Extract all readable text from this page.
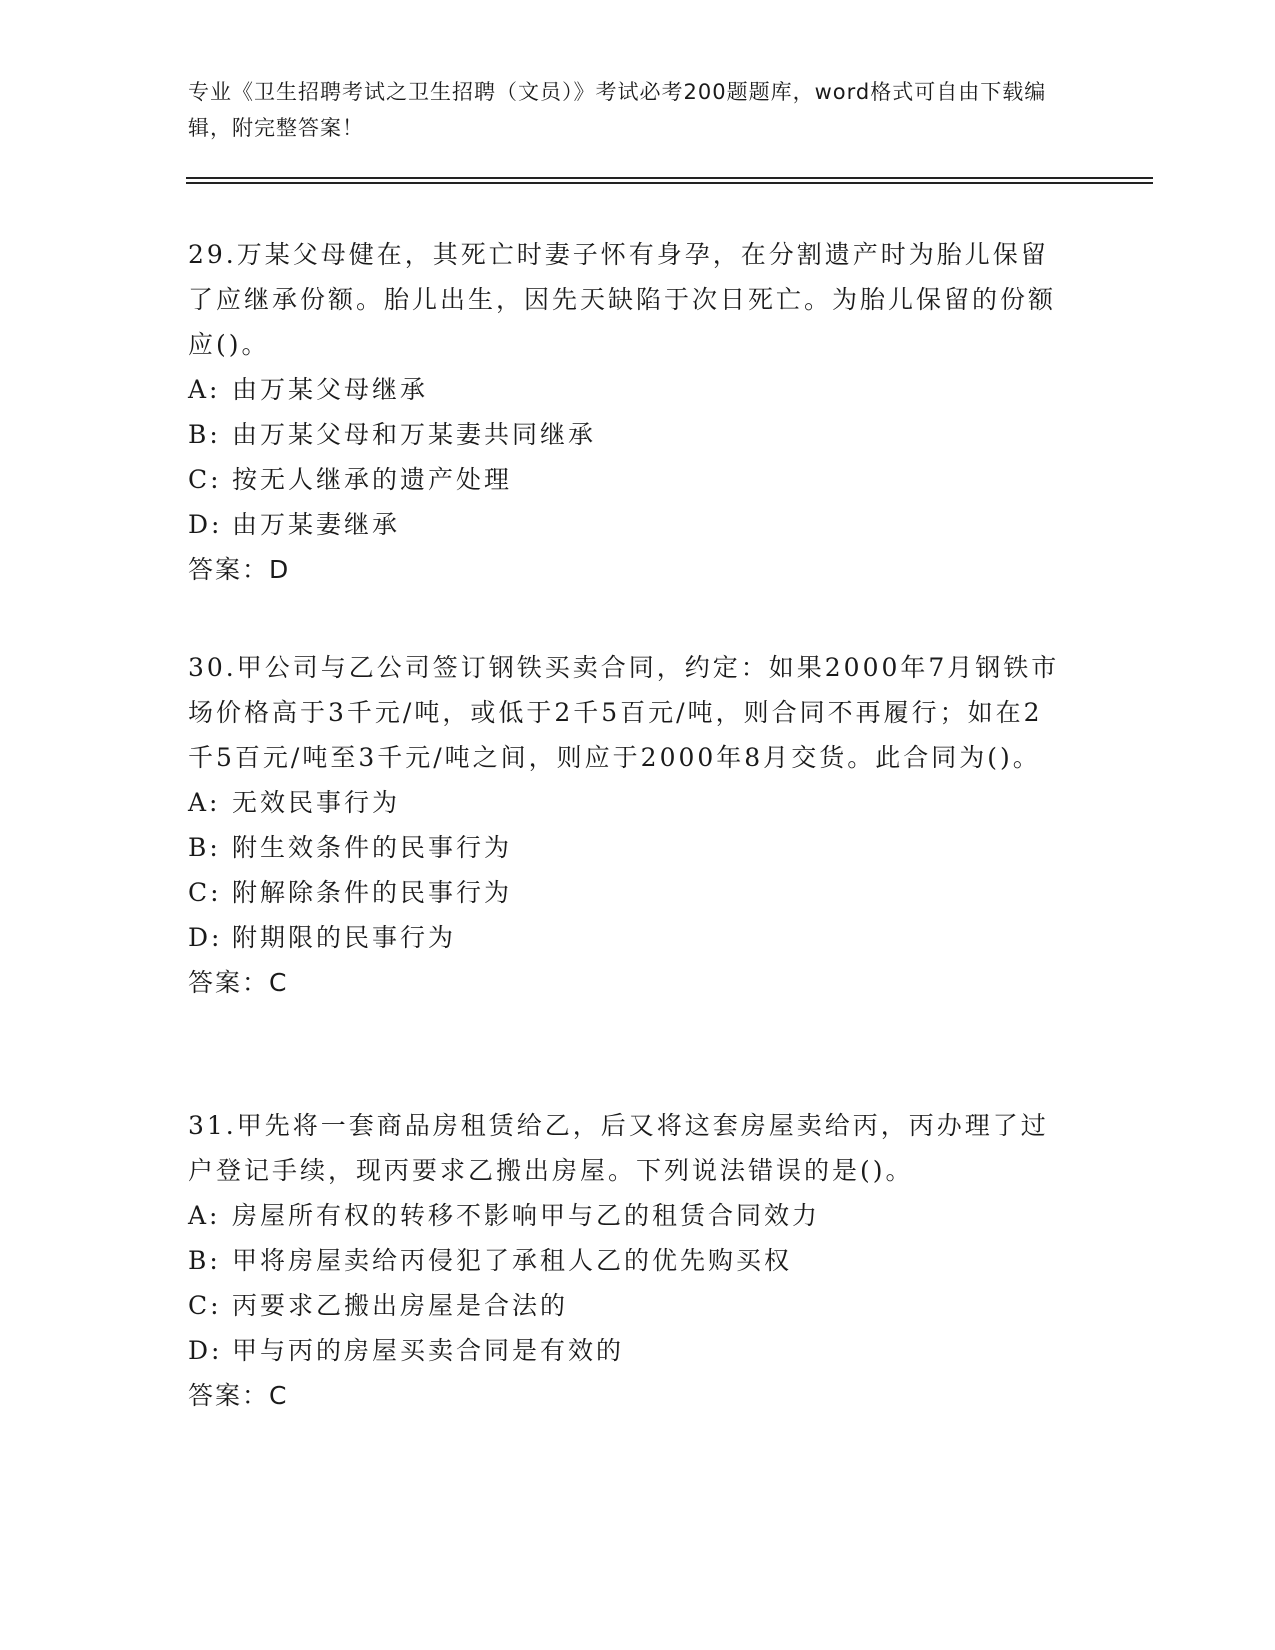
专业《卫生招聘考试之卫生招聘（文员）》考试必考200题题库，word格式可自由下载编辑，附完整答案！

29.万某父母健在，其死亡时妻子怀有身孕，在分割遗产时为胎儿保留了应继承份额。胎儿出生，因先天缺陷于次日死亡。为胎儿保留的份额应()。

A: 由万某父母继承
B: 由万某父母和万某妻共同继承
C: 按无人继承的遗产处理
D: 由万某妻继承
答案：D

30.甲公司与乙公司签订钢铁买卖合同，约定：如果2000年7月钢铁市场价格高于3千元/吨，或低于2千5百元/吨，则合同不再履行；如在2千5百元/吨至3千元/吨之间，则应于2000年8月交货。此合同为()。

A: 无效民事行为
B: 附生效条件的民事行为
C: 附解除条件的民事行为
D: 附期限的民事行为
答案：C

31.甲先将一套商品房租赁给乙，后又将这套房屋卖给丙，丙办理了过户登记手续，现丙要求乙搬出房屋。下列说法错误的是()。

A: 房屋所有权的转移不影响甲与乙的租赁合同效力
B: 甲将房屋卖给丙侵犯了承租人乙的优先购买权
C: 丙要求乙搬出房屋是合法的
D: 甲与丙的房屋买卖合同是有效的
答案：C
